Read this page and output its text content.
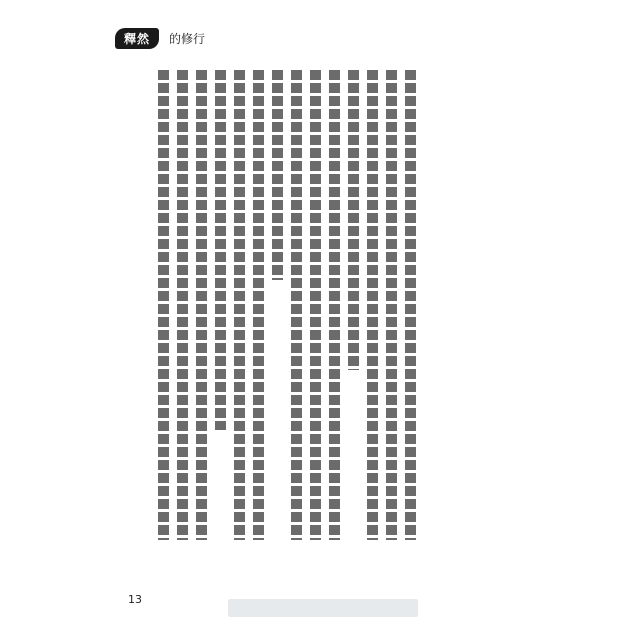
釋然	的修行
13
